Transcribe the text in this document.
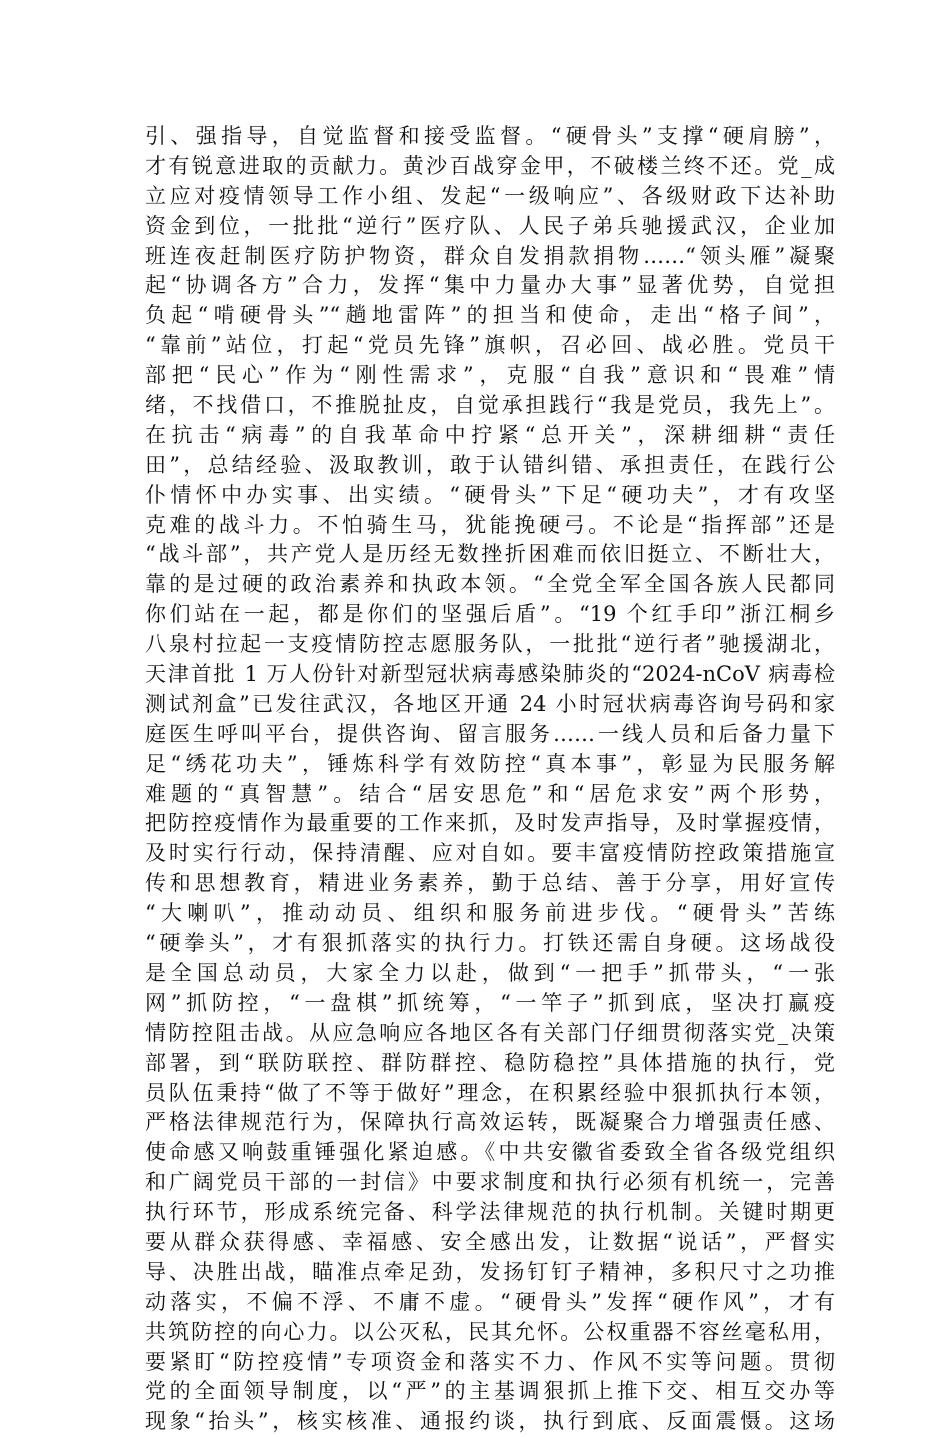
引、强指导，自觉监督和接受监督。“硬骨头”支撑“硬肩膀”，
才有锐意进取的贡献力。黄沙百战穿金甲，不破楼兰终不还。党_成
立应对疫情领导工作小组、发起“一级响应”、各级财政下达补助
资金到位，一批批“逆行”医疗队、人民子弟兵驰援武汉，企业加
班连夜赶制医疗防护物资，群众自发捐款捐物……“领头雁”凝聚
起“协调各方”合力，发挥“集中力量办大事”显著优势，自觉担
负起“啃硬骨头”“趟地雷阵”的担当和使命，走出“格子间”，
“靠前”站位，打起“党员先锋”旗帜，召必回、战必胜。党员干
部把“民心”作为“刚性需求”，克服“自我”意识和“畏难”情
绪，不找借口，不推脱扯皮，自觉承担践行“我是党员，我先上”。
在抗击“病毒”的自我革命中拧紧“总开关”，深耕细耕“责任
田”，总结经验、汲取教训，敢于认错纠错、承担责任，在践行公
仆情怀中办实事、出实绩。“硬骨头”下足“硬功夫”，才有攻坚
克难的战斗力。不怕骑生马，犹能挽硬弓。不论是“指挥部”还是
“战斗部”，共产党人是历经无数挫折困难而依旧挺立、不断壮大，
靠的是过硬的政治素养和执政本领。“全党全军全国各族人民都同
你们站在一起，都是你们的坚强后盾”。“19 个红手印”浙江桐乡
八泉村拉起一支疫情防控志愿服务队，一批批“逆行者”驰援湖北，
天津首批 1 万人份针对新型冠状病毒感染肺炎的“2024-nCoV 病毒检
测试剂盒”已发往武汉，各地区开通 24 小时冠状病毒咨询号码和家
庭医生呼叫平台，提供咨询、留言服务……一线人员和后备力量下
足“绣花功夫”，锤炼科学有效防控“真本事”，彰显为民服务解
难题的“真智慧”。结合“居安思危”和“居危求安”两个形势，
把防控疫情作为最重要的工作来抓，及时发声指导，及时掌握疫情，
及时实行行动，保持清醒、应对自如。要丰富疫情防控政策措施宣
传和思想教育，精进业务素养，勤于总结、善于分享，用好宣传
“大喇叭”，推动动员、组织和服务前进步伐。“硬骨头”苦练
“硬拳头”，才有狠抓落实的执行力。打铁还需自身硬。这场战役
是全国总动员，大家全力以赴，做到“一把手”抓带头，“一张
网”抓防控，“一盘棋”抓统筹，“一竿子”抓到底，坚决打赢疫
情防控阻击战。从应急响应各地区各有关部门仔细贯彻落实党_决策
部署，到“联防联控、群防群控、稳防稳控”具体措施的执行，党
员队伍秉持“做了不等于做好”理念，在积累经验中狠抓执行本领，
严格法律规范行为，保障执行高效运转，既凝聚合力增强责任感、
使命感又响鼓重锤强化紧迫感。《中共安徽省委致全省各级党组织
和广阔党员干部的一封信》中要求制度和执行必须有机统一，完善
执行环节，形成系统完备、科学法律规范的执行机制。关键时期更
要从群众获得感、幸福感、安全感出发，让数据“说话”，严督实
导、决胜出战，瞄准点牵足劲，发扬钉钉子精神，多积尺寸之功推
动落实，不偏不浮、不庸不虚。“硬骨头”发挥“硬作风”，才有
共筑防控的向心力。以公灭私，民其允怀。公权重器不容丝毫私用，
要紧盯“防控疫情”专项资金和落实不力、作风不实等问题。贯彻
党的全面领导制度，以“严”的主基调狠抓上推下交、相互交办等
现象“抬头”，核实核准、通报约谈，执行到底、反面震慑。这场
